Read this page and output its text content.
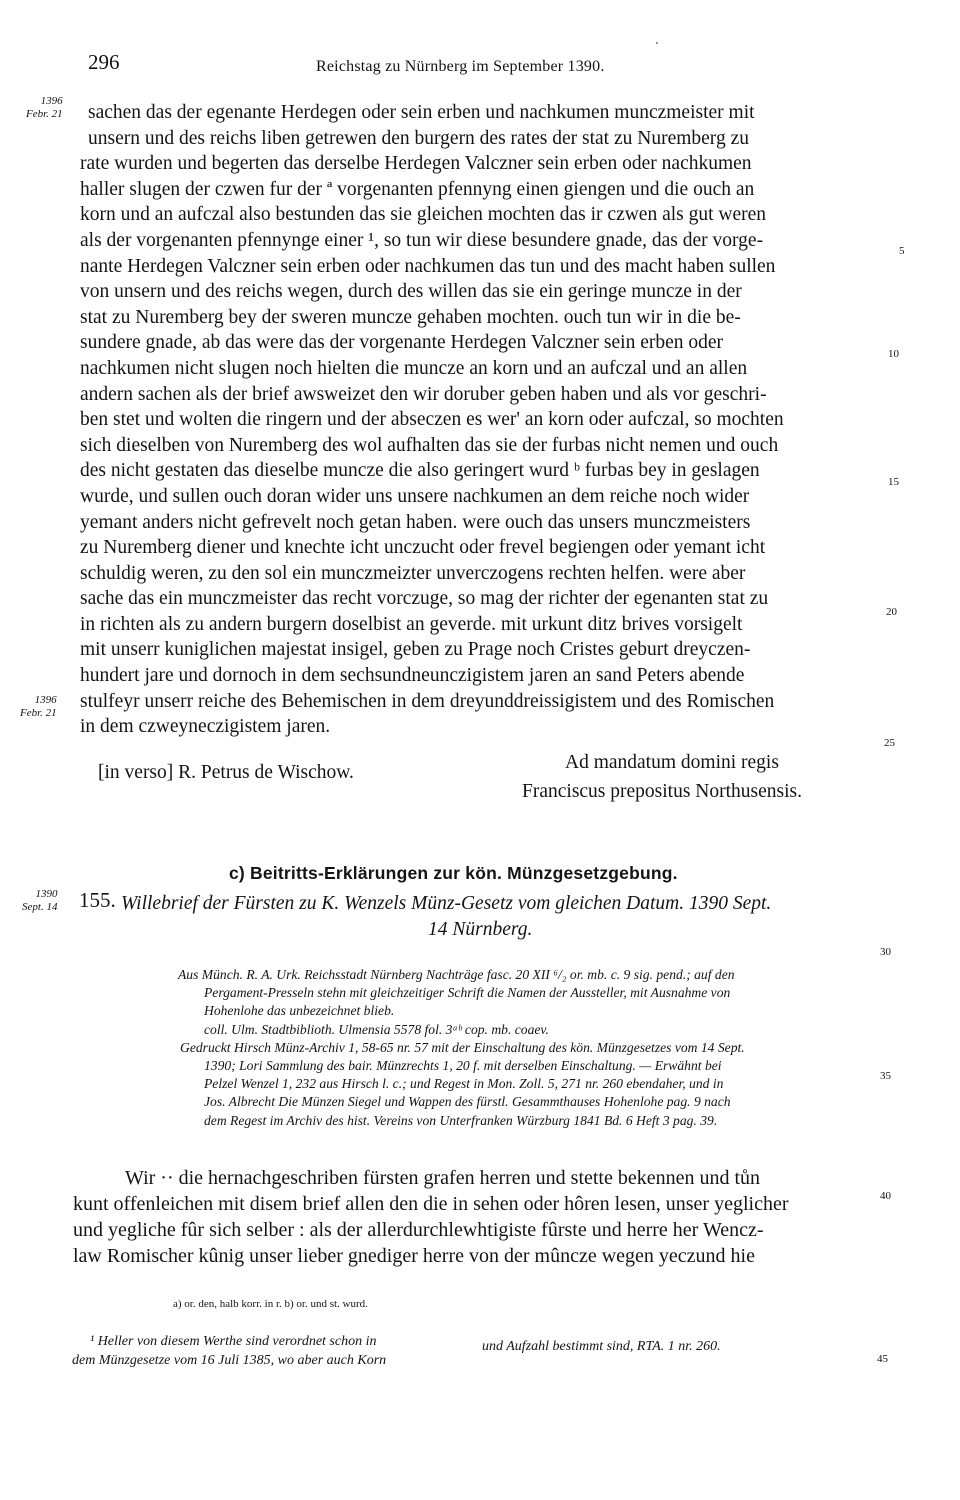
296	Reichstag zu Nürnberg im September 1390.
1396
Febr. 21
1396
Febr. 21
1390
Sept. 14
5
10
15
20
25
30
35
40
45
sachen das der egenante Herdegen oder sein erben und nachkumen munczmeister mit
unsern und des reichs liben getrewen den burgern des rates der stat zu Nuremberg zu
rate wurden und begerten das derselbe Herdegen Valczner sein erben oder nachkumen
haller slugen der czwen fur der ª vorgenanten pfennyng einen giengen und die ouch an
korn und an aufczal also bestunden das sie gleichen mochten das ir czwen als gut weren
als der vorgenanten pfennynge einer ¹, so tun wir diese besundere gnade, das der vorge-
nante Herdegen Valczner sein erben oder nachkumen das tun und des macht haben sullen
von unsern und des reichs wegen, durch des willen das sie ein geringe muncze in der
stat zu Nuremberg bey der sweren muncze gehaben mochten. ouch tun wir in die be-
sundere gnade, ab das were das der vorgenante Herdegen Valczner sein erben oder
nachkumen nicht slugen noch hielten die muncze an korn und an aufczal und an allen
andern sachen als der brief awsweizet den wir doruber geben haben und als vor geschri-
ben stet und wolten die ringern und der abseczen es wer' an korn oder aufczal, so mochten
sich dieselben von Nuremberg des wol aufhalten das sie der furbas nicht nemen und ouch
des nicht gestaten das dieselbe muncze die also geringert wurd ᵇ furbas bey in geslagen
wurde, und sullen ouch doran wider uns unsere nachkumen an dem reiche noch wider
yemant anders nicht gefrevelt noch getan haben. were ouch das unsers munczmeisters
zu Nuremberg diener und knechte icht unczucht oder frevel begiengen oder yemant icht
schuldig weren, zu den sol ein munczmeizter unverczogens rechten helfen. were aber
sache das ein munczmeister das recht vorczuge, so mag der richter der egenanten stat zu
in richten als zu andern burgern doselbist an geverde. mit urkunt ditz brives vorsigelt
mit unserr kuniglichen majestat insigel, geben zu Prage noch Cristes geburt dreyczen-
hundert jare und dornoch in dem sechsundneunczigistem jaren an sand Peters abende
stulfeyr unserr reiche des Behemischen in dem dreyunddreissigistem und des Romischen
in dem czweyneczigistem jaren.
[in verso] R. Petrus de Wischow.	Ad mandatum domini regis
Franciscus prepositus Northusensis.
c) Beitritts-Erklärungen zur kön. Münzgesetzgebung.
155. Willebrief der Fürsten zu K. Wenzels Münz-Gesetz vom gleichen Datum. 1390 Sept.
14 Nürnberg.
Aus Münch. R. A. Urk. Reichsstadt Nürnberg Nachträge fasc. 20 XII ⁶/₂ or. mb. c. 9 sig. pend.; auf den
Pergament-Presseln stehn mit gleichzeitiger Schrift die Namen der Aussteller, mit Ausnahme von
Hohenlohe das unbezeichnet blieb.
coll. Ulm. Stadtbiblioth. Ulmensia 5578 fol. 3ᵃᵇ cop. mb. coaev.
Gedruckt Hirsch Münz-Archiv 1, 58-65 nr. 57 mit der Einschaltung des kön. Münzgesetzes vom 14 Sept.
1390; Lori Sammlung des bair. Münzrechts 1, 20 f. mit derselben Einschaltung. — Erwähnt bei
Pelzel Wenzel 1, 232 aus Hirsch l. c.; und Regest in Mon. Zoll. 5, 271 nr. 260 ebendaher, und in
Jos. Albrecht Die Münzen Siegel und Wappen des fürstl. Gesammthauses Hohenlohe pag. 9 nach
dem Regest im Archiv des hist. Vereins von Unterfranken Würzburg 1841 Bd. 6 Heft 3 pag. 39.
Wir ·· die hernachgeschriben fürsten grafen herren und stette bekennen und tůn
kunt offenleichen mit disem brief allen den die in sehen oder hôren lesen, unser yeglicher
und yegliche fûr sich selber : als der allerdurchlewhtigiste fûrste und herre her Wencz-
law Romischer kûnig unser lieber gnediger herre von der mûncze wegen yeczund hie
a) or. den, halb korr. in r. b) or. und st. wurd.
¹ Heller von diesem Werthe sind verordnet schon in
dem Münzgesetze vom 16 Juli 1385, wo aber auch Korn
und Aufzahl bestimmt sind, RTA. 1 nr. 260.
